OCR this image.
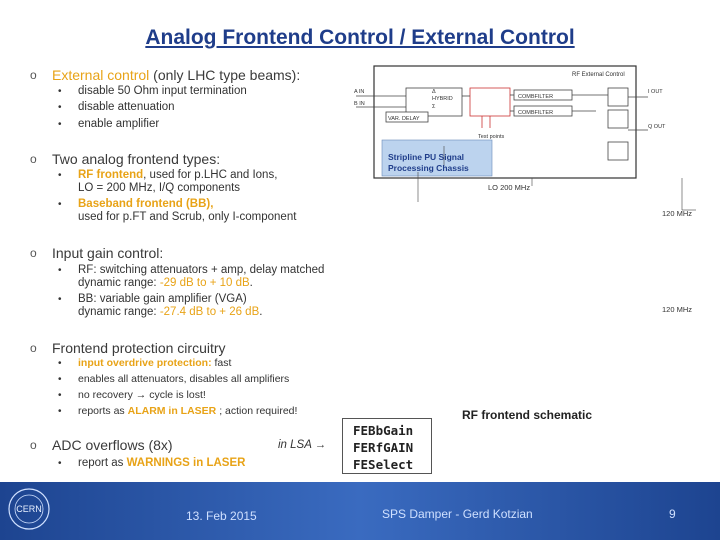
Analog Frontend Control / External Control
o External control (only LHC type beams):
• disable 50 Ohm input termination
• disable attenuation
• enable amplifier
o Two analog frontend types:
• RF frontend, used for p.LHC and Ions,
LO = 200 MHz, I/Q components
• Baseband frontend (BB),
used for p.FT and Scrub, only I-component
o Input gain control:
• RF: switching attenuators + amp, delay matched
dynamic range: -29 dB to + 10 dB.
• BB: variable gain amplifier (VGA)
dynamic range: -27.4 dB to + 26 dB.
o Frontend protection circuitry
• input overdrive protection: fast
• enables all attenuators, disables all amplifiers
• no recovery → cycle is lost!
• reports as ALARM in LASER ; action required!
o ADC overflows (8x)
• report as WARNINGS in LASER
in LSA →
FEBbGain
FERfGAIN
FESelect
RF frontend schematic
Stripline PU Signal
Processing Chassis
RF External Control
A IN
B IN
HYBRID
Δ
Σ
VAR. DELAY
COMBFILTER
COMBFILTER
Test points
I OUT
Q OUT
LO 200 MHz
120 MHz
120 MHz
CERN	13. Feb 2015	SPS Damper - Gerd Kotzian	9
